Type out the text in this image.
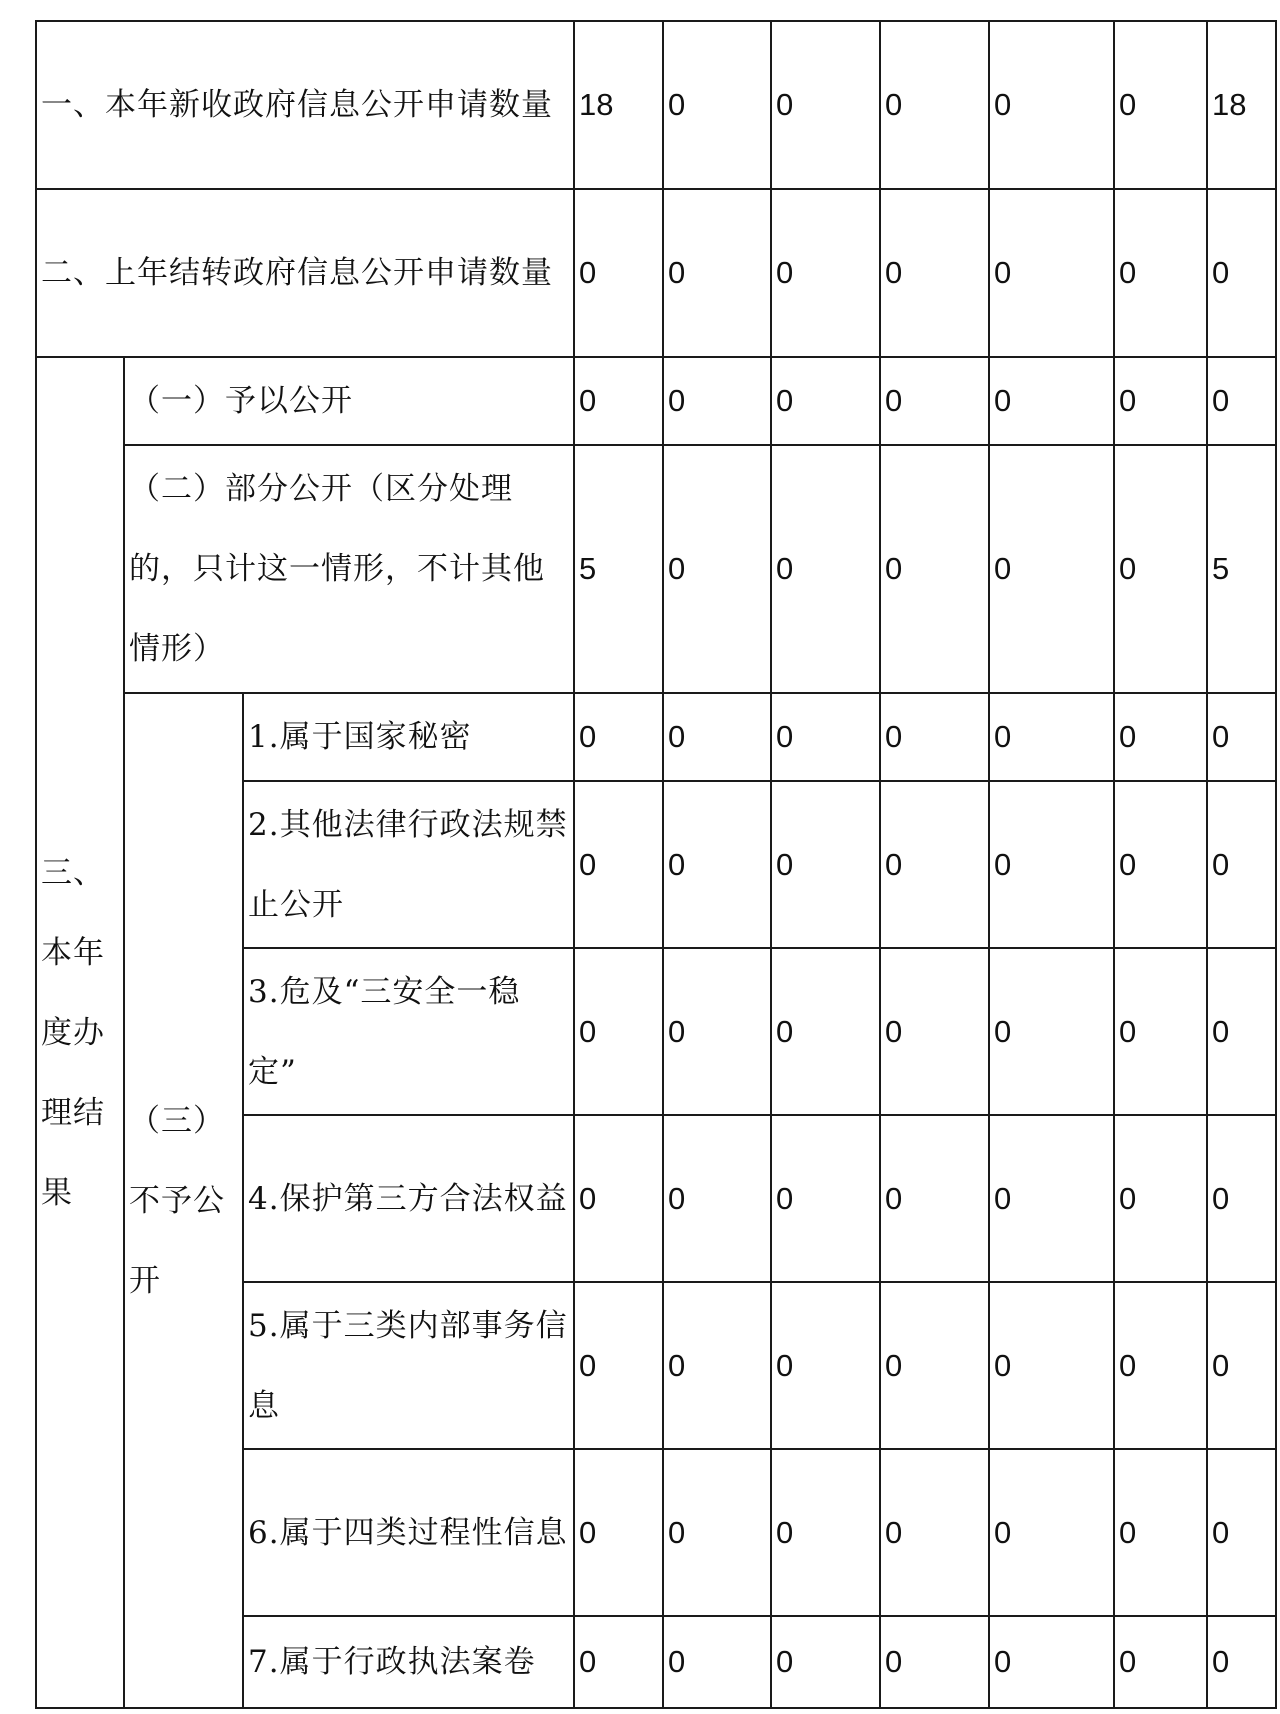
一、本年新收政府信息公开申请数量			18	0	0	0	0	0	18
二、上年结转政府信息公开申请数量			0	0	0	0	0	0	0
三、本年度办理结果	（一）予以公开		0	0	0	0	0	0	0
	（二）部分公开（区分处理的，只计这一情形，不计其他情形）		5	0	0	0	0	0	5
	（三）不予公开	1.属于国家秘密	0	0	0	0	0	0	0
		2.其他法律行政法规禁止公开	0	0	0	0	0	0	0
		3.危及“三安全一稳定”	0	0	0	0	0	0	0
		4.保护第三方合法权益	0	0	0	0	0	0	0
		5.属于三类内部事务信息	0	0	0	0	0	0	0
		6.属于四类过程性信息	0	0	0	0	0	0	0
		7.属于行政执法案卷	0	0	0	0	0	0	0
